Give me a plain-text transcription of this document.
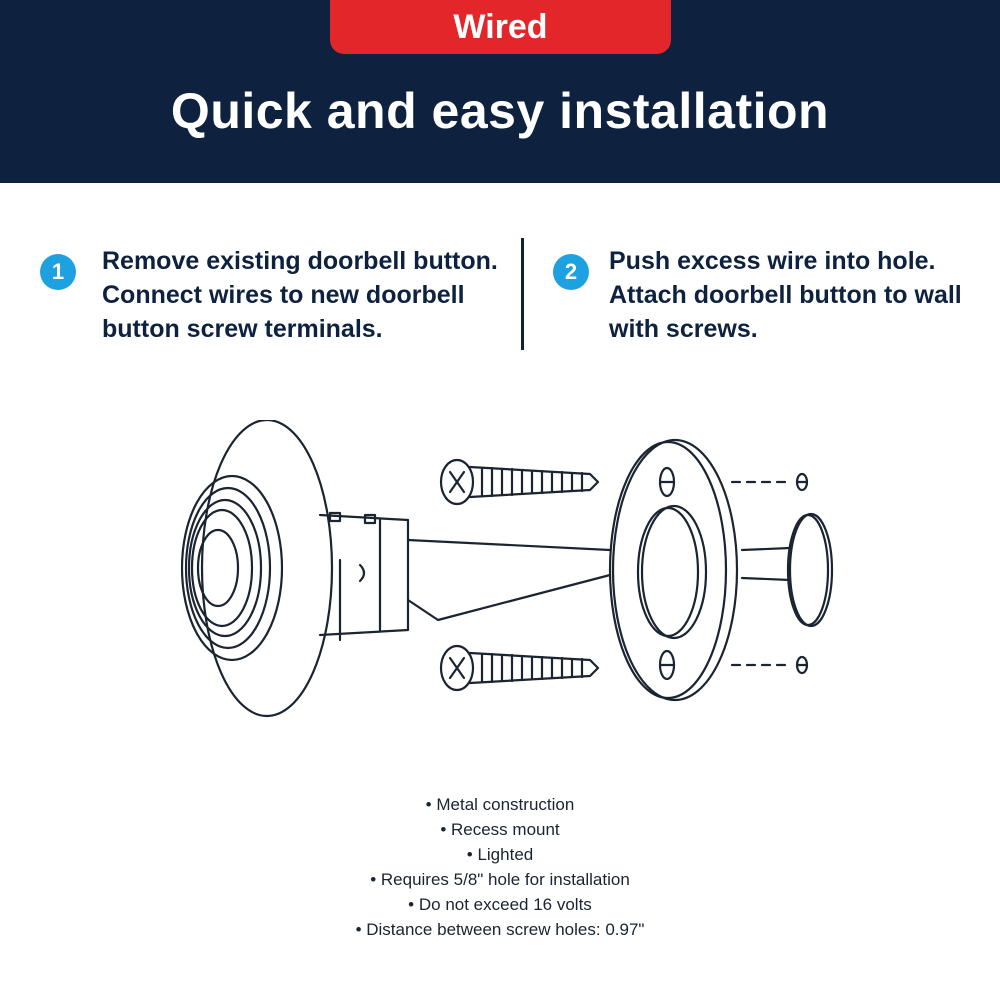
Wired
Quick and easy installation
1	Remove existing doorbell button. Connect wires to new doorbell button screw terminals.
2	Push excess wire into hole. Attach doorbell button to wall with screws.
• Metal construction
• Recess mount
• Lighted
• Requires 5/8" hole for installation
• Do not exceed 16 volts
• Distance between screw holes: 0.97"
